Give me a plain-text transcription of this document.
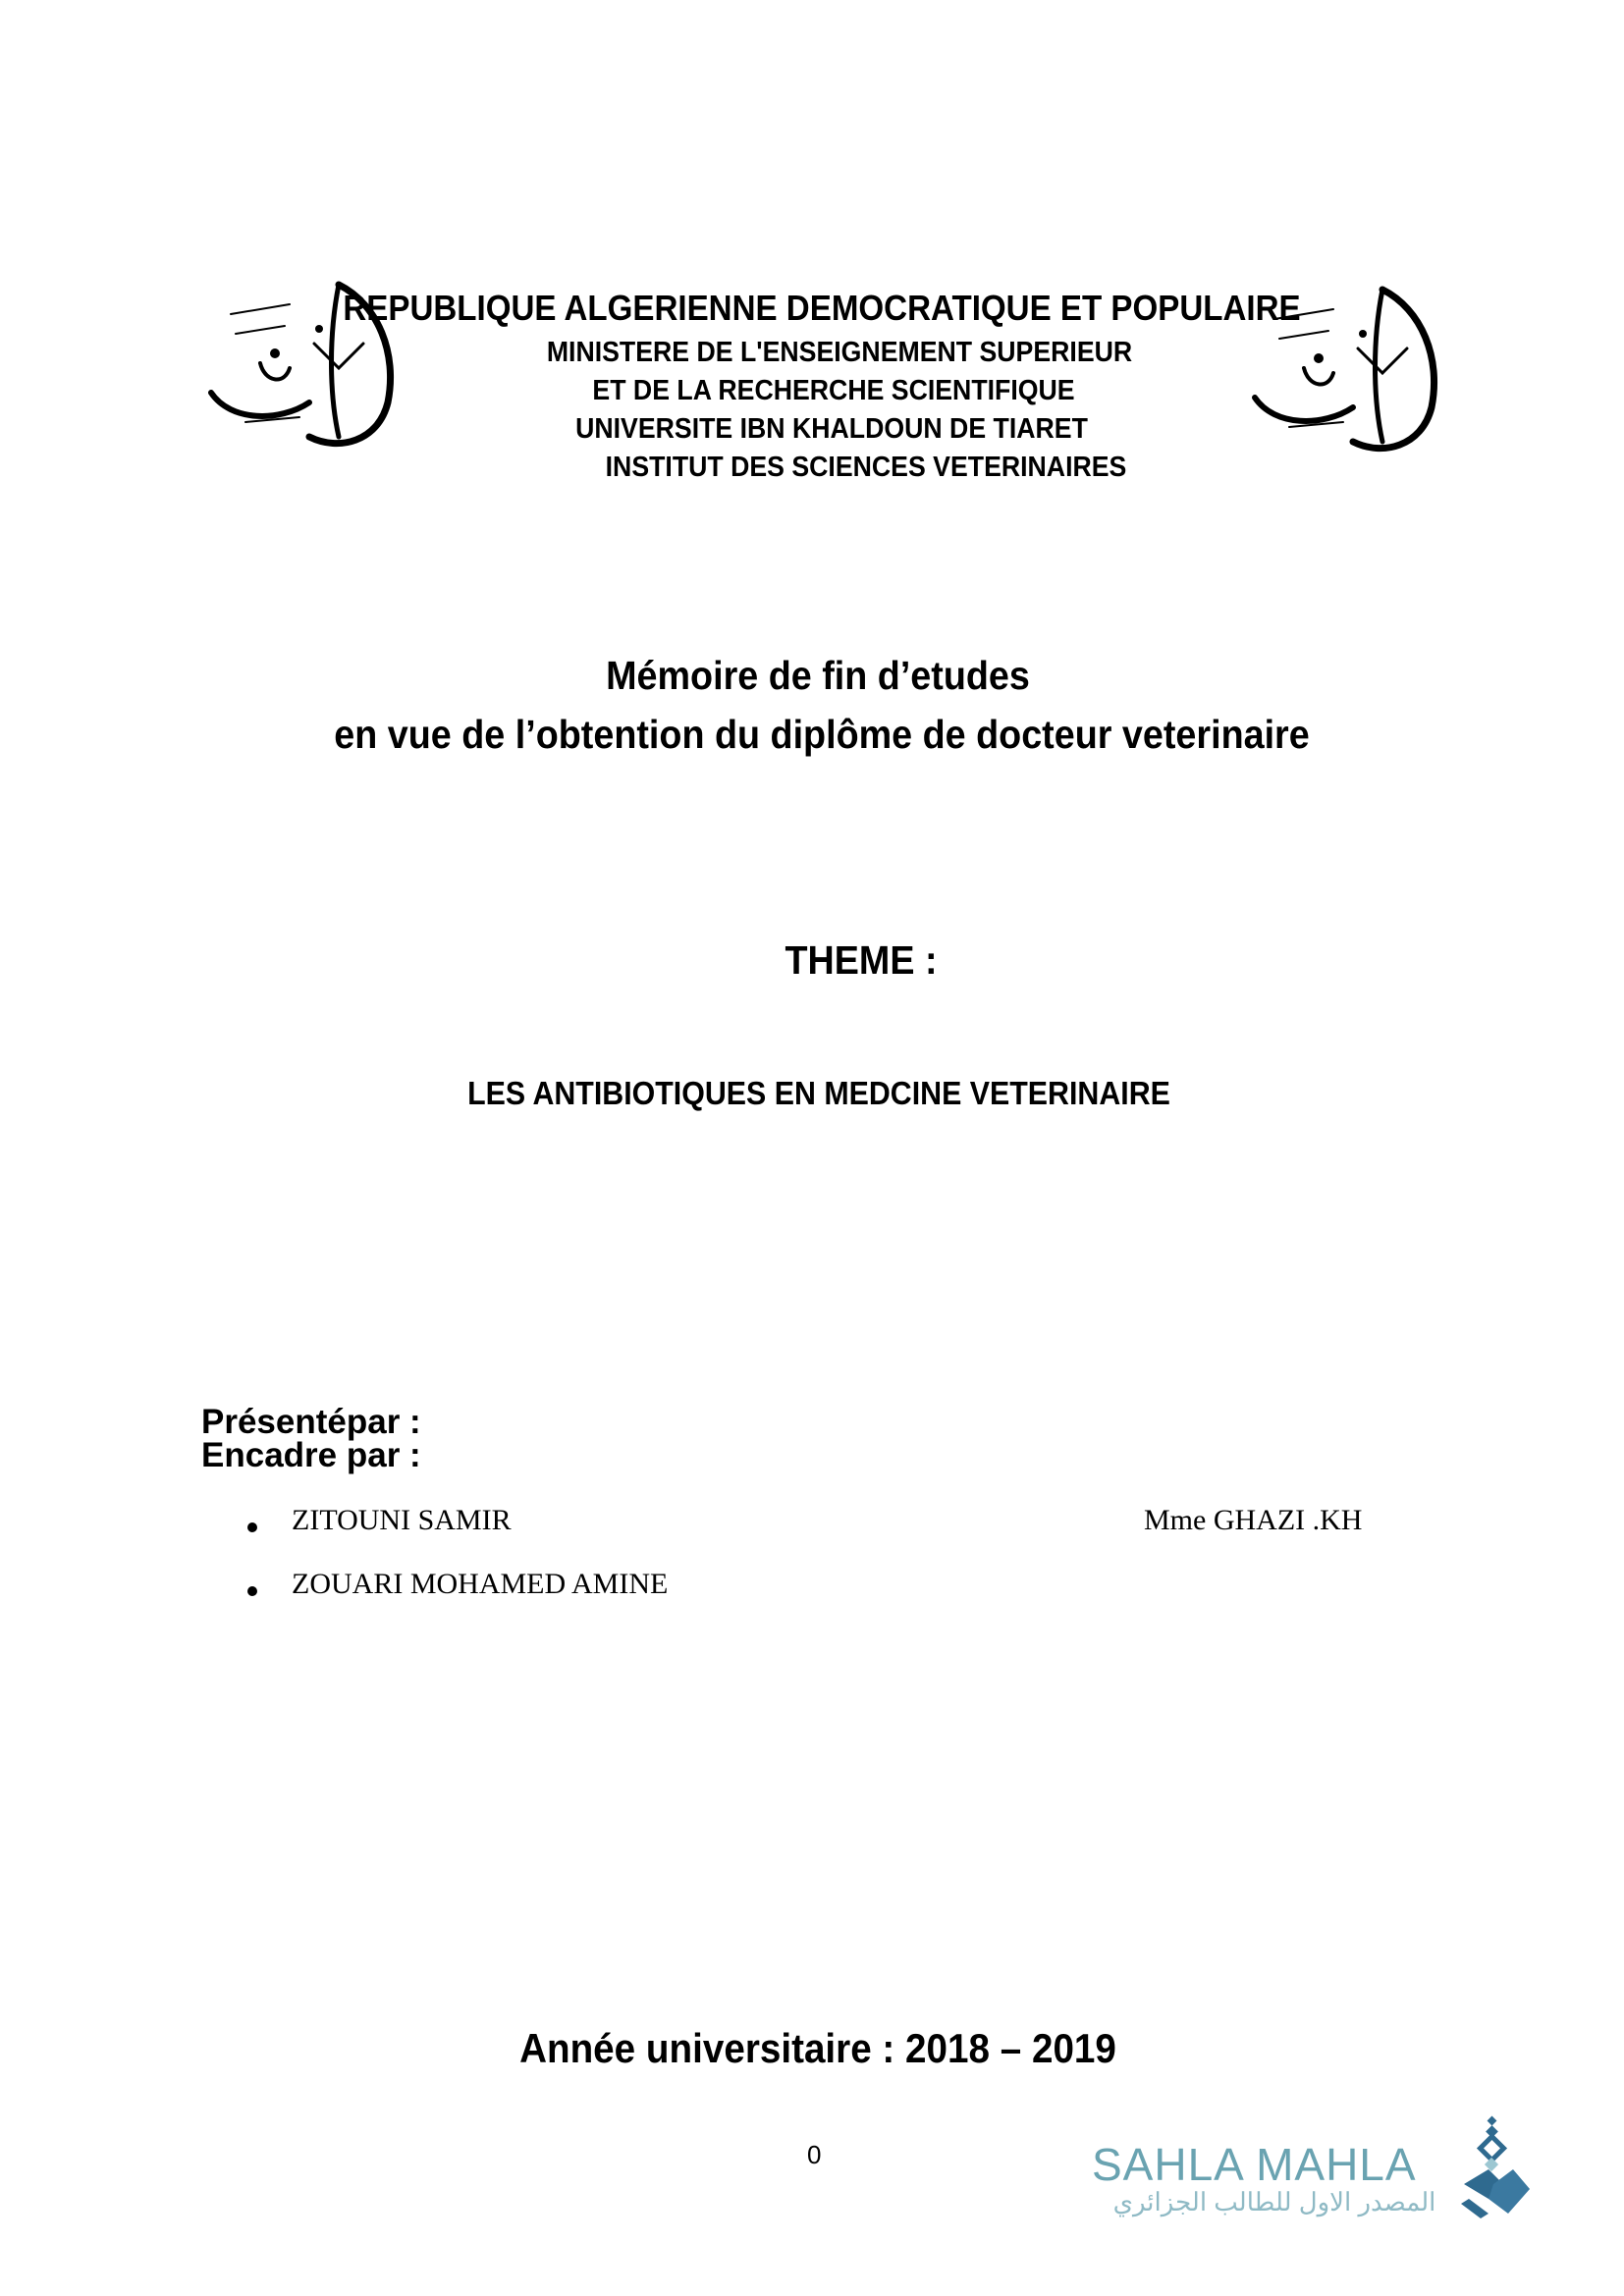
REPUBLIQUE ALGERIENNE DEMOCRATIQUE ET POPULAIRE
MINISTERE DE L'ENSEIGNEMENT SUPERIEUR
ET DE LA RECHERCHE SCIENTIFIQUE
UNIVERSITE IBN KHALDOUN DE TIARET
INSTITUT DES SCIENCES VETERINAIRES
Mémoire de fin d’etudes
en vue de l’obtention du diplôme de docteur veterinaire
THEME :
LES ANTIBIOTIQUES EN MEDCINE VETERINAIRE
Présentépar :
Encadre par :
ZITOUNI SAMIR
ZOUARI MOHAMED AMINE
Mme GHAZI .KH
Année universitaire : 2018 – 2019
0	SAHLA MAHLA
المصدر الاول للطالب الجزائري
